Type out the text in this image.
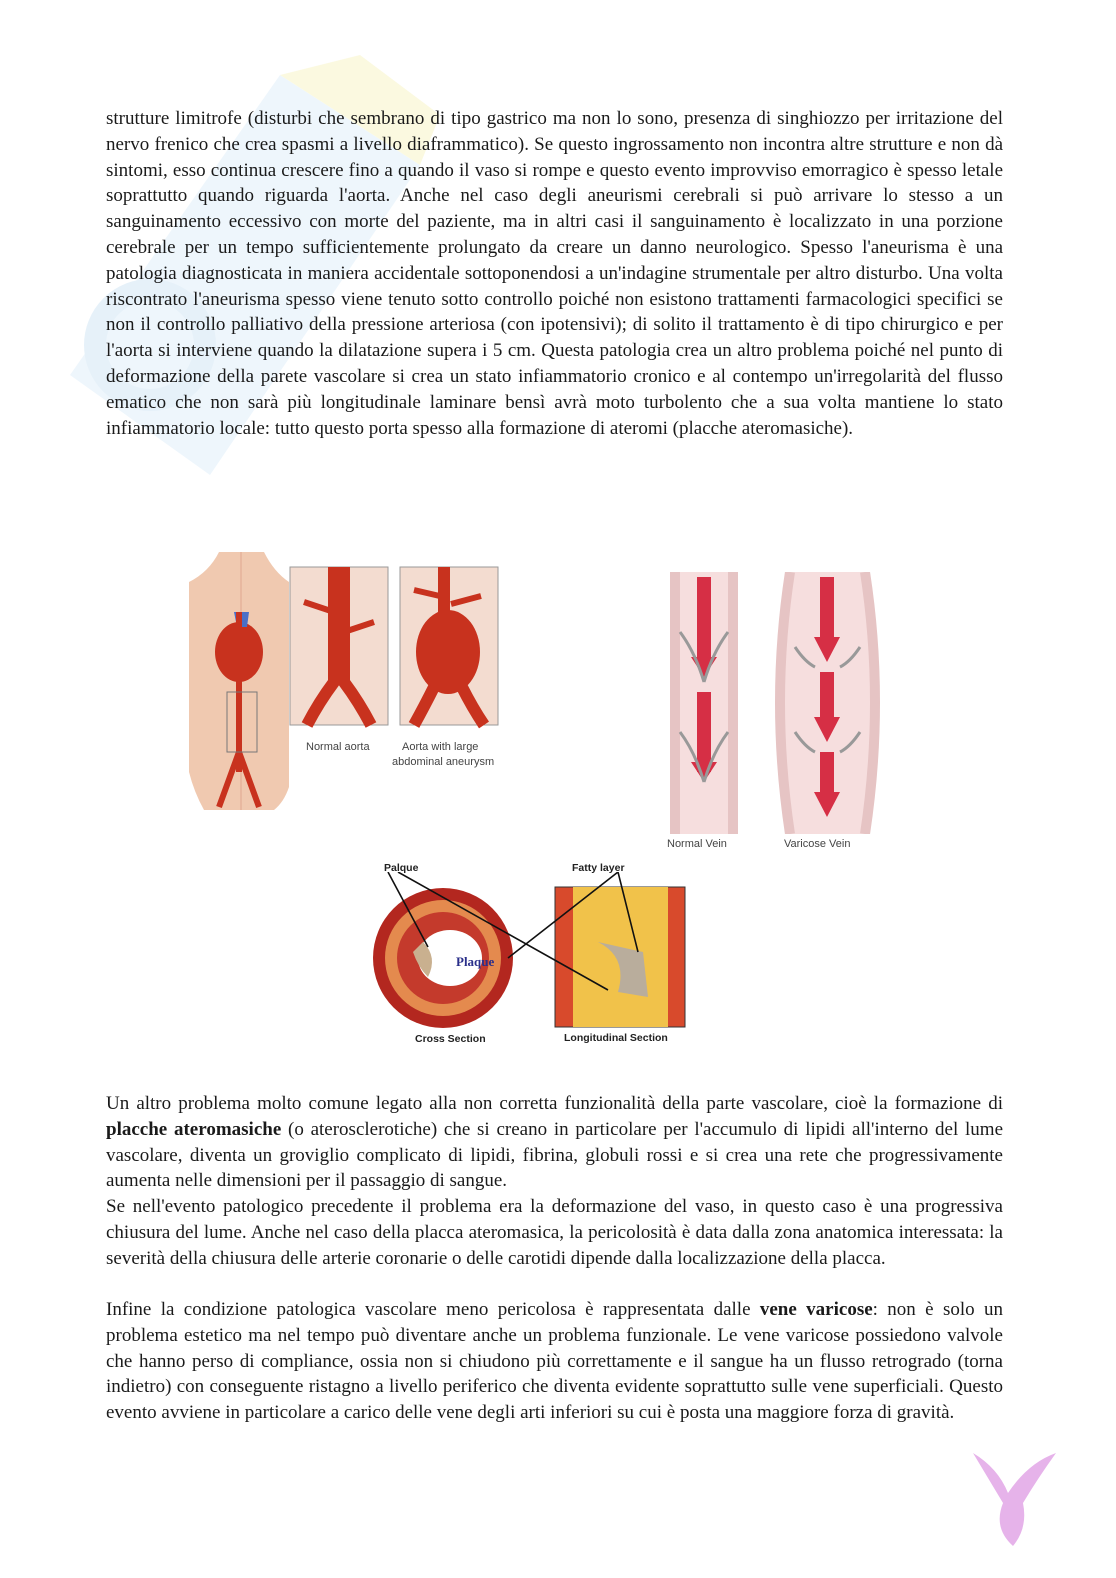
strutture limitrofe (disturbi che sembrano di tipo gastrico ma non lo sono, presenza di singhiozzo per irritazione del nervo frenico che crea spasmi a livello diaframmatico). Se questo ingrossamento non incontra altre strutture e non dà sintomi, esso continua crescere fino a quando il vaso si rompe e questo evento improvviso emorragico è spesso letale soprattutto quando riguarda l'aorta. Anche nel caso degli aneurismi cerebrali si può arrivare lo stesso a un sanguinamento eccessivo con morte del paziente, ma in altri casi il sanguinamento è localizzato in una porzione cerebrale per un tempo sufficientemente prolungato da creare un danno neurologico. Spesso l'aneurisma è una patologia diagnosticata in maniera accidentale sottoponendosi a un'indagine strumentale per altro disturbo. Una volta riscontrato l'aneurisma spesso viene tenuto sotto controllo poiché non esistono trattamenti farmacologici specifici se non il controllo palliativo della pressione arteriosa (con ipotensivi); di solito il trattamento è di tipo chirurgico e per l'aorta si interviene quando la dilatazione supera i 5 cm. Questa patologia crea un altro problema poiché nel punto di deformazione della parete vascolare si crea un stato infiammatorio cronico e al contempo un'irregolarità del flusso ematico che non sarà più longitudinale laminare bensì avrà moto turbolento che a sua volta mantiene lo stato infiammatorio locale: tutto questo porta spesso alla formazione di ateromi (placche ateromasiche).

Normal aorta	Aorta with large
abdominal aneurysm
Normal Vein	Varicose Vein
Palque	Fatty layer
Plaque
Cross Section	Longitudinal Section

Un altro problema molto comune legato alla non corretta funzionalità della parte vascolare, cioè la formazione di placche ateromasiche (o aterosclerotiche) che si creano in particolare per l'accumulo di lipidi all'interno del lume vascolare, diventa un groviglio complicato di lipidi, fibrina, globuli rossi e si crea una rete che progressivamente aumenta nelle dimensioni per il passaggio di sangue.

Se nell'evento patologico precedente il problema era la deformazione del vaso, in questo caso è una progressiva chiusura del lume. Anche nel caso della placca ateromasica, la pericolosità è data dalla zona anatomica interessata: la severità della chiusura delle arterie coronarie o delle carotidi dipende dalla localizzazione della placca.

Infine la condizione patologica vascolare meno pericolosa è rappresentata dalle vene varicose: non è solo un problema estetico ma nel tempo può diventare anche un problema funzionale. Le vene varicose possiedono valvole che hanno perso di compliance, ossia non si chiudono più correttamente e il sangue ha un flusso retrogrado (torna indietro) con conseguente ristagno a livello periferico che diventa evidente soprattutto sulle vene superficiali. Questo evento avviene in particolare a carico delle vene degli arti inferiori su cui è posta una maggiore forza di gravità.
